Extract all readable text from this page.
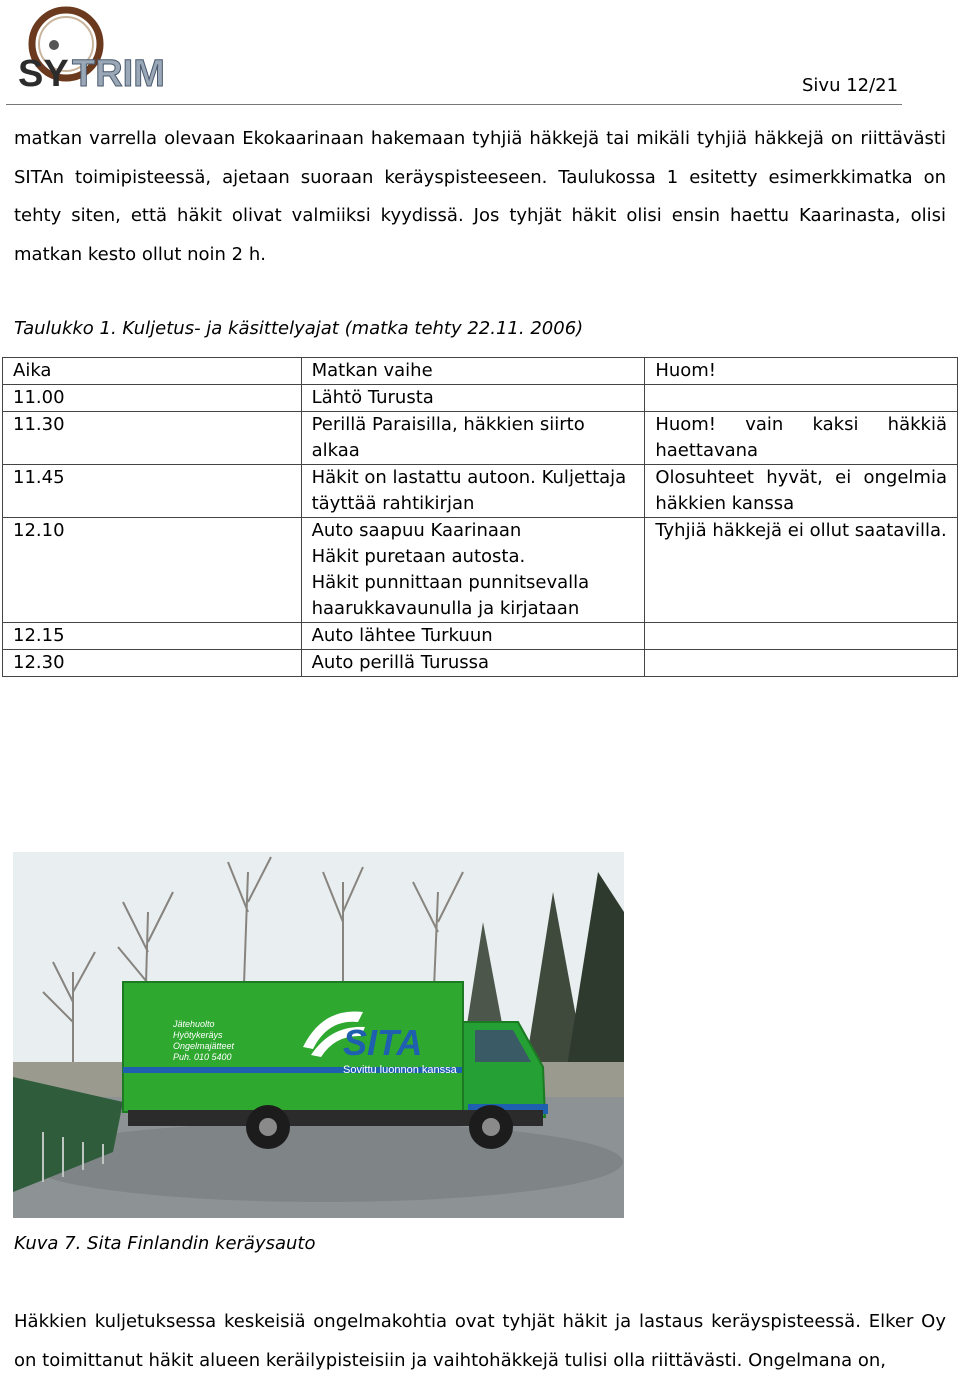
SY TRIM	Sivu 12/21
matkan varrella olevaan Ekokaarinaan hakemaan tyhjiä häkkejä tai mikäli tyhjiä häkkejä on riittävästi SITAn toimipisteessä, ajetaan suoraan keräyspisteeseen. Taulukossa 1 esitetty esimerkkimatka on tehty siten, että häkit olivat valmiiksi kyydissä. Jos tyhjät häkit olisi ensin haettu Kaarinasta, olisi matkan kesto ollut noin 2 h.
Taulukko 1. Kuljetus- ja käsittelyajat (matka tehty 22.11. 2006)
Aika	Matkan vaihe	Huom!
11.00	Lähtö Turusta	
11.30	Perillä Paraisilla, häkkien siirto alkaa	Huom! vain kaksi häkkiä haettavana
11.45	Häkit on lastattu autoon. Kuljettaja täyttää rahtikirjan	Olosuhteet hyvät, ei ongelmia häkkien kanssa
12.10	Auto saapuu Kaarinaan
Häkit puretaan autosta.
Häkit punnittaan punnitsevalla haarukkavaunulla ja kirjataan	Tyhjiä häkkejä ei ollut saatavilla.
12.15	Auto lähtee Turkuun	
12.30	Auto perillä Turussa	
SITA
Sovittu luonnon kanssa
Jätehuolto
Hyötykeräys
Ongelmajätteet
Puh. 010 5400
Kuva 7. Sita Finlandin keräysauto
Häkkien kuljetuksessa keskeisiä ongelmakohtia ovat tyhjät häkit ja lastaus keräyspisteessä. Elker Oy on toimittanut häkit alueen keräilypisteisiin ja vaihtohäkkejä tulisi olla riittävästi. Ongelmana on,
